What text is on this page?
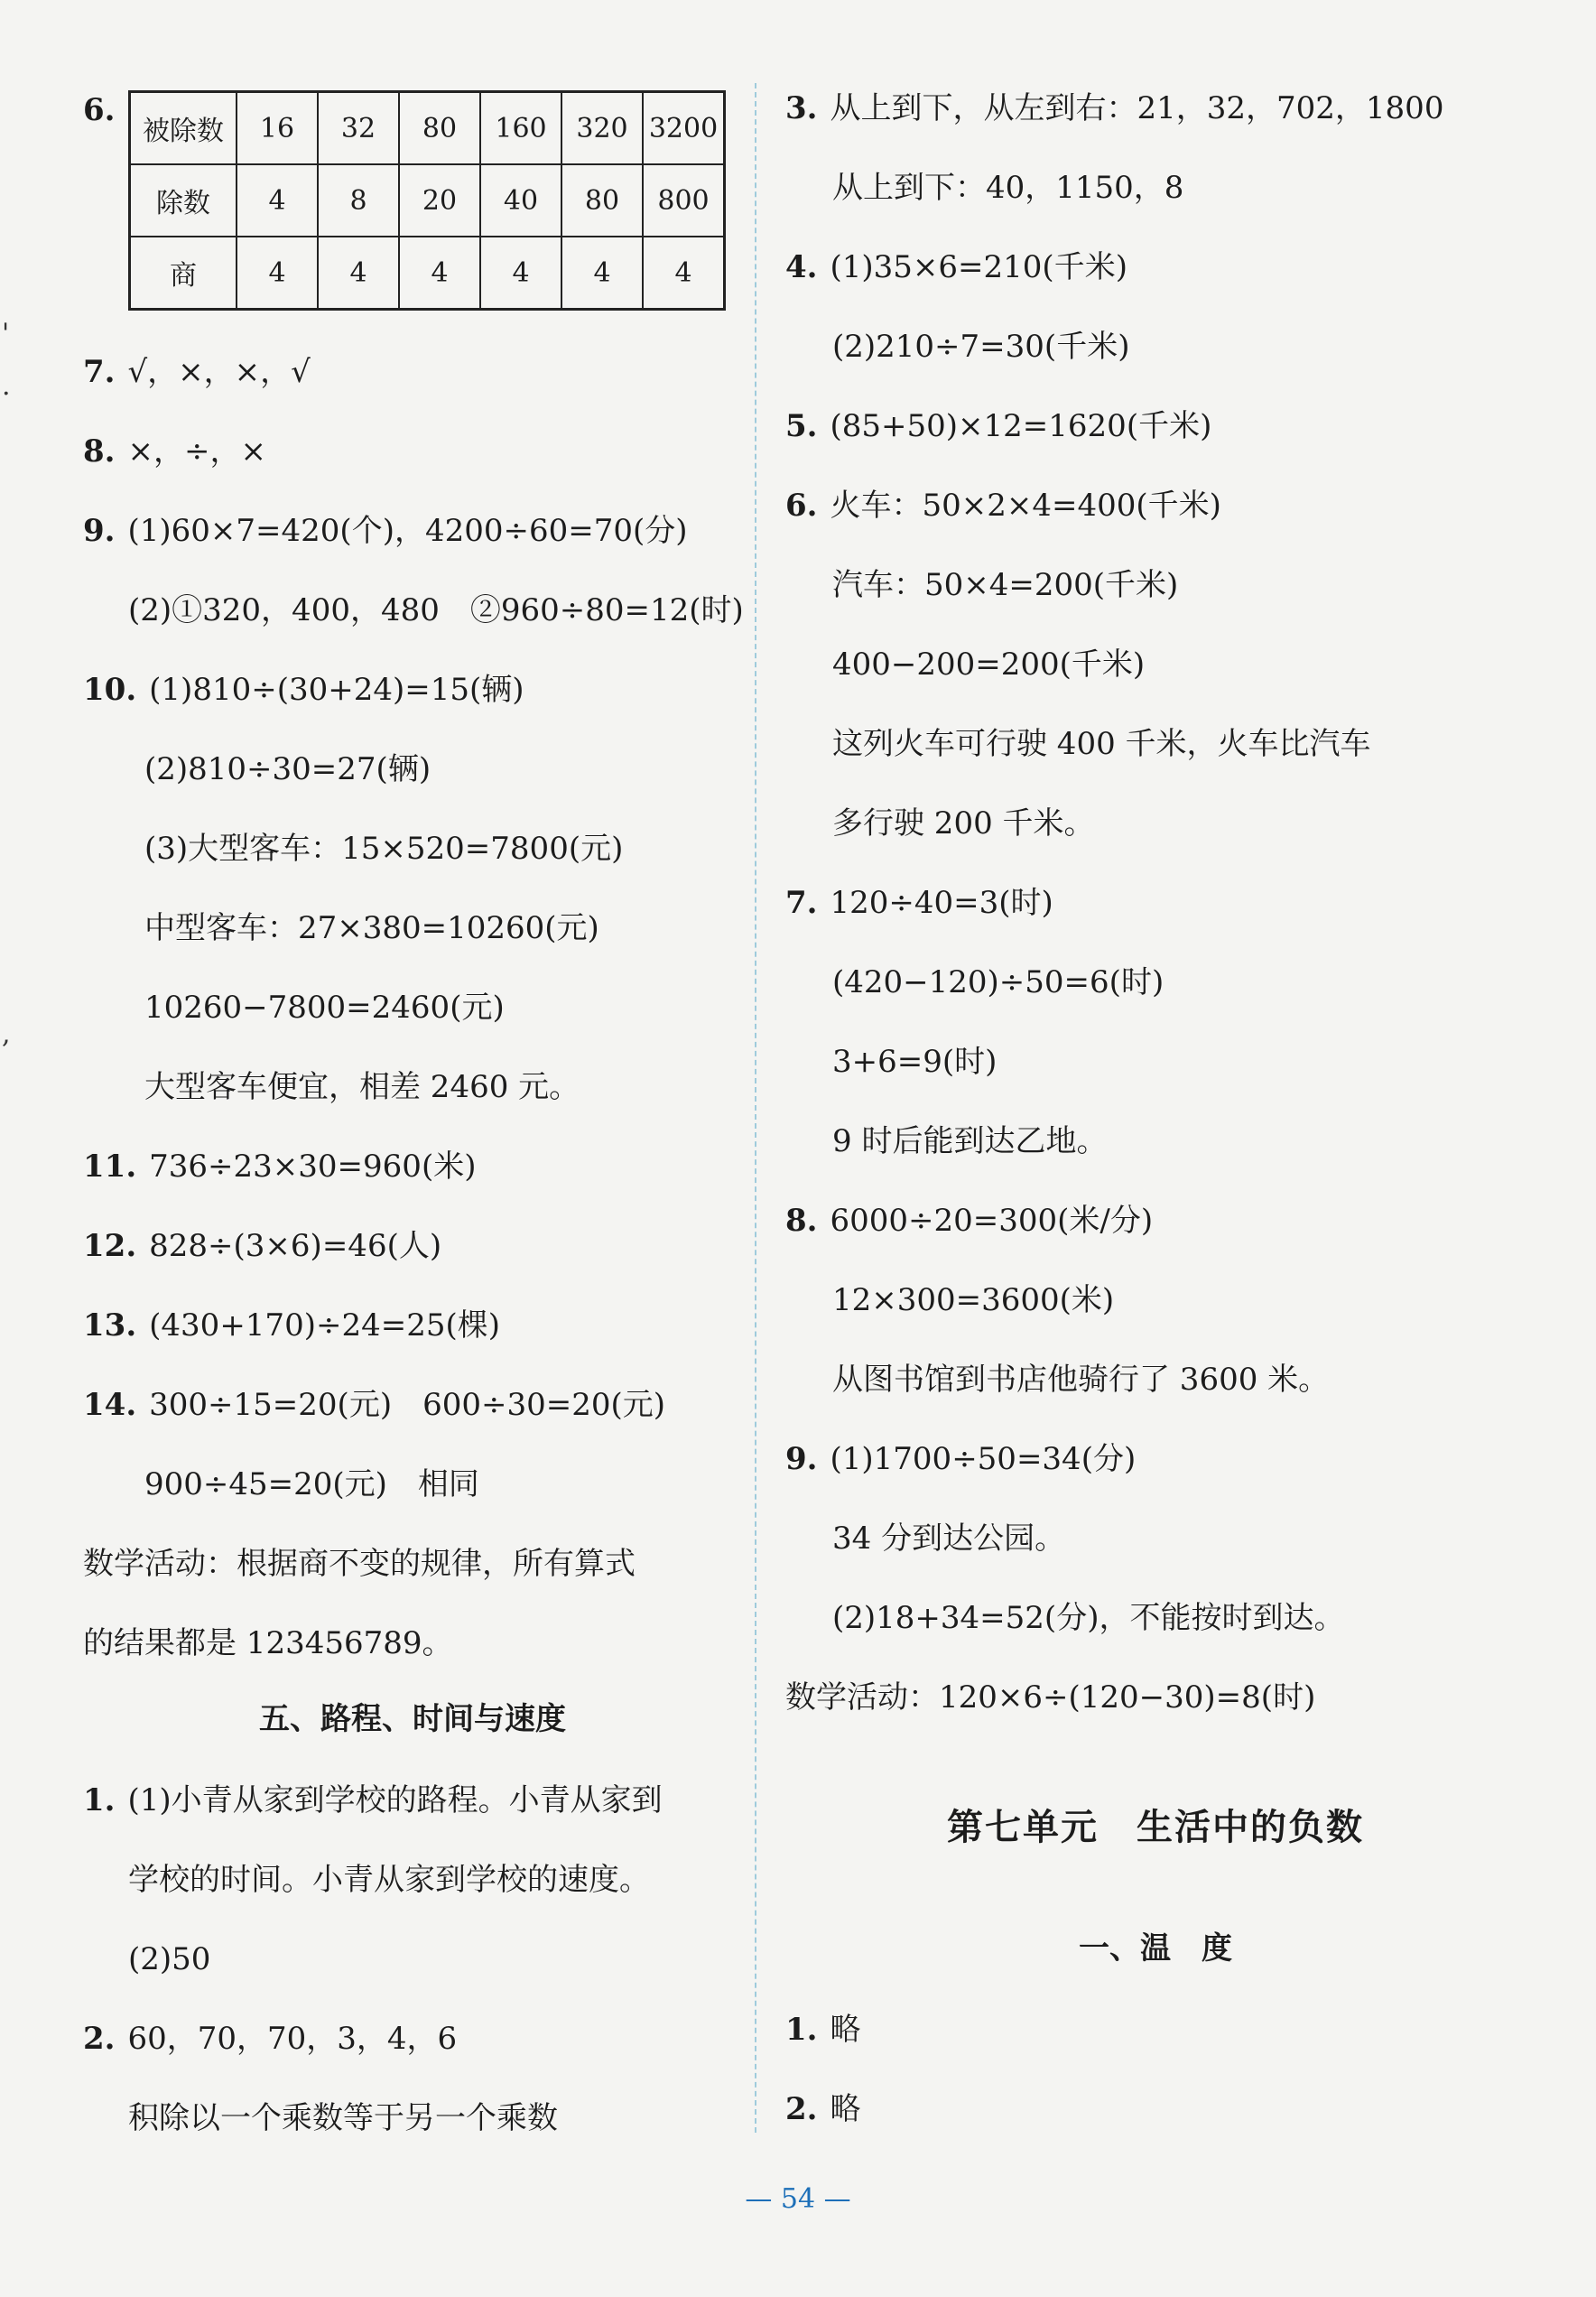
'
.
,
6.
被除数	16	32	80	160	320	3200
除数	4	8	20	40	80	800
商	4	4	4	4	4	4
7. √，×，×，√
8. ×，÷，×
9. (1)60×7=420(个)，4200÷60=70(分)
(2)①320，400，480　②960÷80=12(时)
10. (1)810÷(30+24)=15(辆)
(2)810÷30=27(辆)
(3)大型客车：15×520=7800(元)
中型客车：27×380=10260(元)
10260−7800=2460(元)
大型客车便宜，相差 2460 元。
11. 736÷23×30=960(米)
12. 828÷(3×6)=46(人)
13. (430+170)÷24=25(棵)
14. 300÷15=20(元)　600÷30=20(元)
900÷45=20(元)　相同
数学活动：根据商不变的规律，所有算式
的结果都是 123456789。
五、路程、时间与速度
1. (1)小青从家到学校的路程。小青从家到
学校的时间。小青从家到学校的速度。
(2)50
2. 60，70，70，3，4，6
积除以一个乘数等于另一个乘数
3. 从上到下，从左到右：21，32，702，1800
从上到下：40，1150，8
4. (1)35×6=210(千米)
(2)210÷7=30(千米)
5. (85+50)×12=1620(千米)
6. 火车：50×2×4=400(千米)
汽车：50×4=200(千米)
400−200=200(千米)
这列火车可行驶 400 千米，火车比汽车
多行驶 200 千米。
7. 120÷40=3(时)
(420−120)÷50=6(时)
3+6=9(时)
9 时后能到达乙地。
8. 6000÷20=300(米/分)
12×300=3600(米)
从图书馆到书店他骑行了 3600 米。
9. (1)1700÷50=34(分)
34 分到达公园。
(2)18+34=52(分)，不能按时到达。
数学活动：120×6÷(120−30)=8(时)
第七单元　生活中的负数
一、温　度
1. 略
2. 略
— 54 —
